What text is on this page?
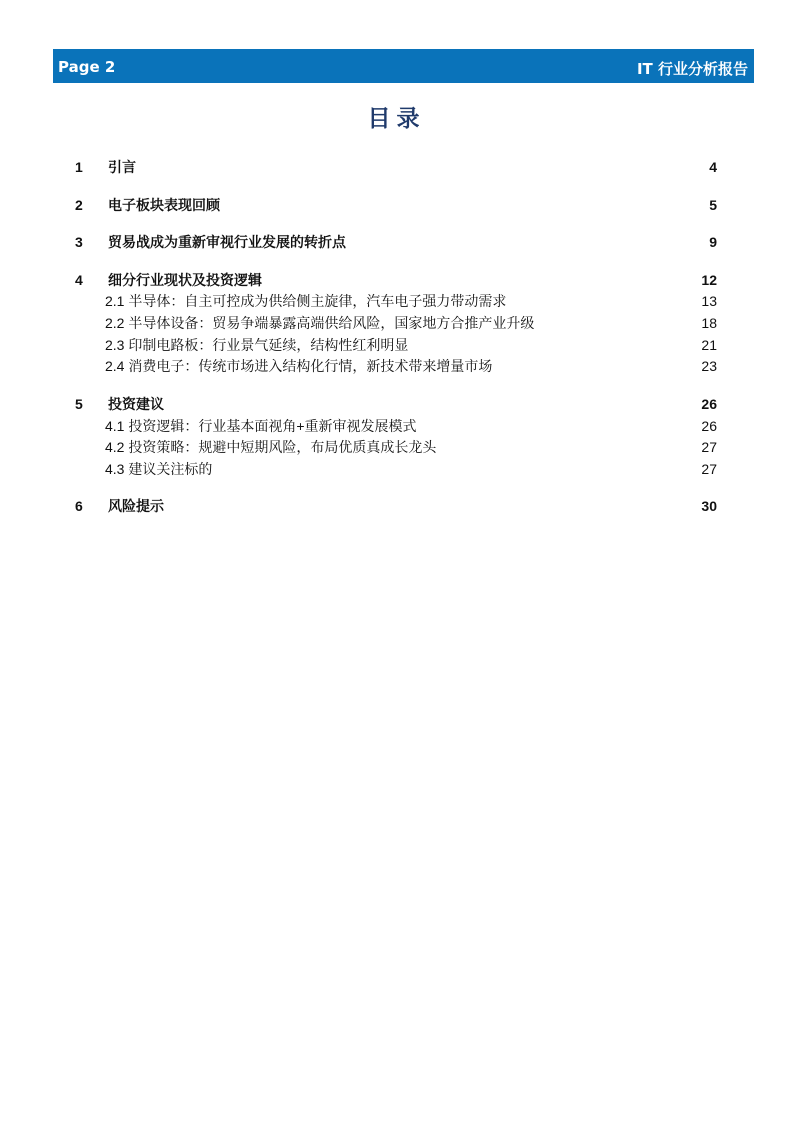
Page 2	IT 行业分析报告
目录
1 引言	4
2 电子板块表现回顾	5
3 贸易战成为重新审视行业发展的转折点	9
4 细分行业现状及投资逻辑	12
2.1 半导体：自主可控成为供给侧主旋律，汽车电子强力带动需求	13
2.2 半导体设备：贸易争端暴露高端供给风险，国家地方合推产业升级	18
2.3 印制电路板：行业景气延续，结构性红利明显	21
2.4 消费电子：传统市场进入结构化行情，新技术带来增量市场	23
5 投资建议	26
4.1 投资逻辑：行业基本面视角+重新审视发展模式	26
4.2 投资策略：规避中短期风险，布局优质真成长龙头	27
4.3 建议关注标的	27
6 风险提示	30
